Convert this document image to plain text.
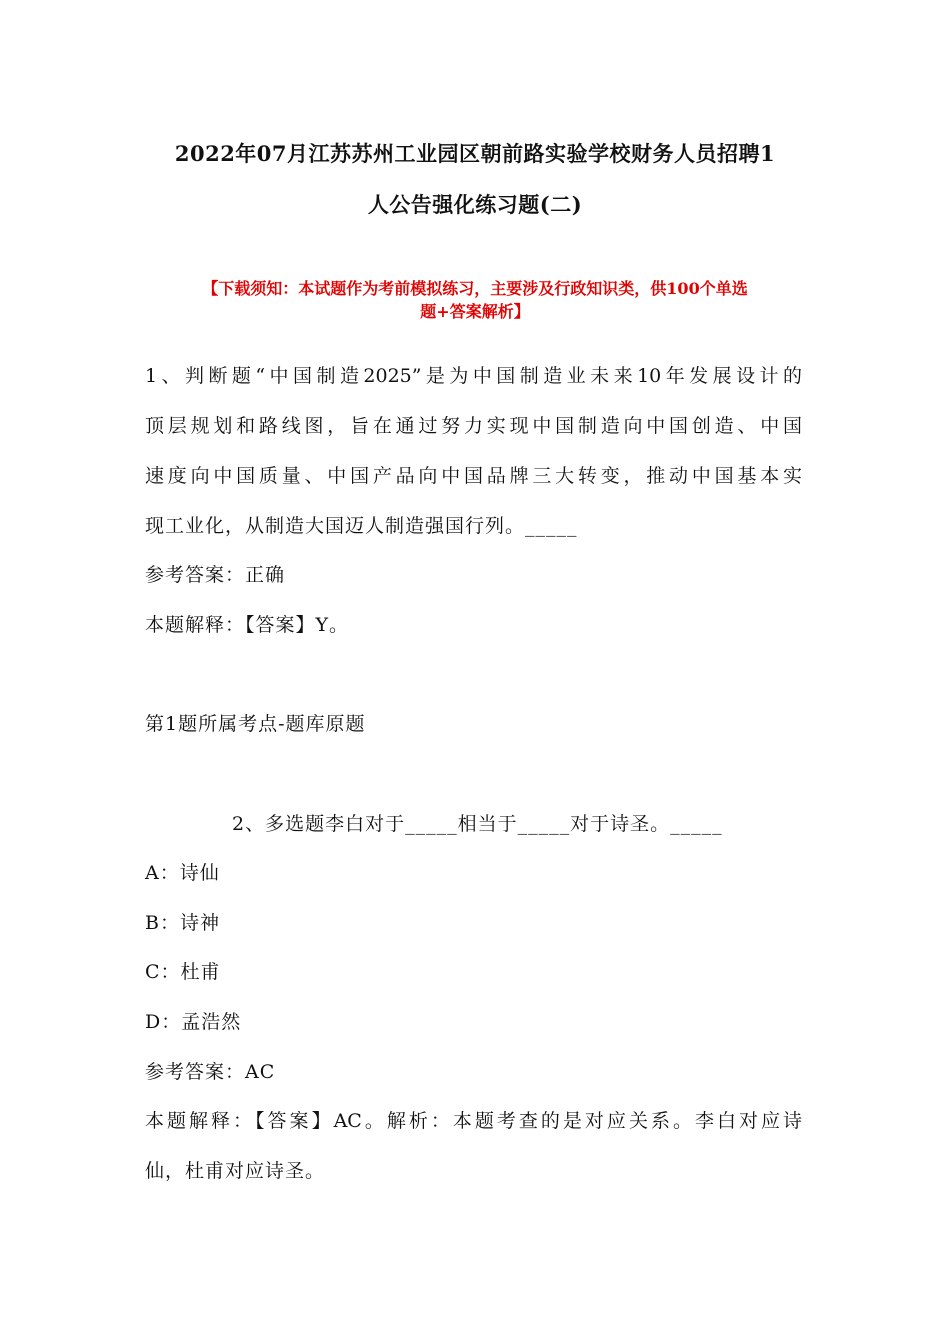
2022年07月江苏苏州工业园区朝前路实验学校财务人员招聘1
人公告强化练习题(二)
【下载须知：本试题作为考前模拟练习，主要涉及行政知识类，供100个单选
题+答案解析】
1、判断题“中国制造2025”是为中国制造业未来10年发展设计的
顶层规划和路线图，旨在通过努力实现中国制造向中国创造、中国
速度向中国质量、中国产品向中国品牌三大转变，推动中国基本实
现工业化，从制造大国迈人制造强国行列。_____
参考答案：正确
本题解释：【答案】Y。
第1题所属考点-题库原题
2、多选题李白对于_____相当于_____对于诗圣。_____
A：诗仙
B：诗神
C：杜甫
D：孟浩然
参考答案：AC
本题解释：【答案】AC。解析：本题考查的是对应关系。李白对应诗
仙，杜甫对应诗圣。
